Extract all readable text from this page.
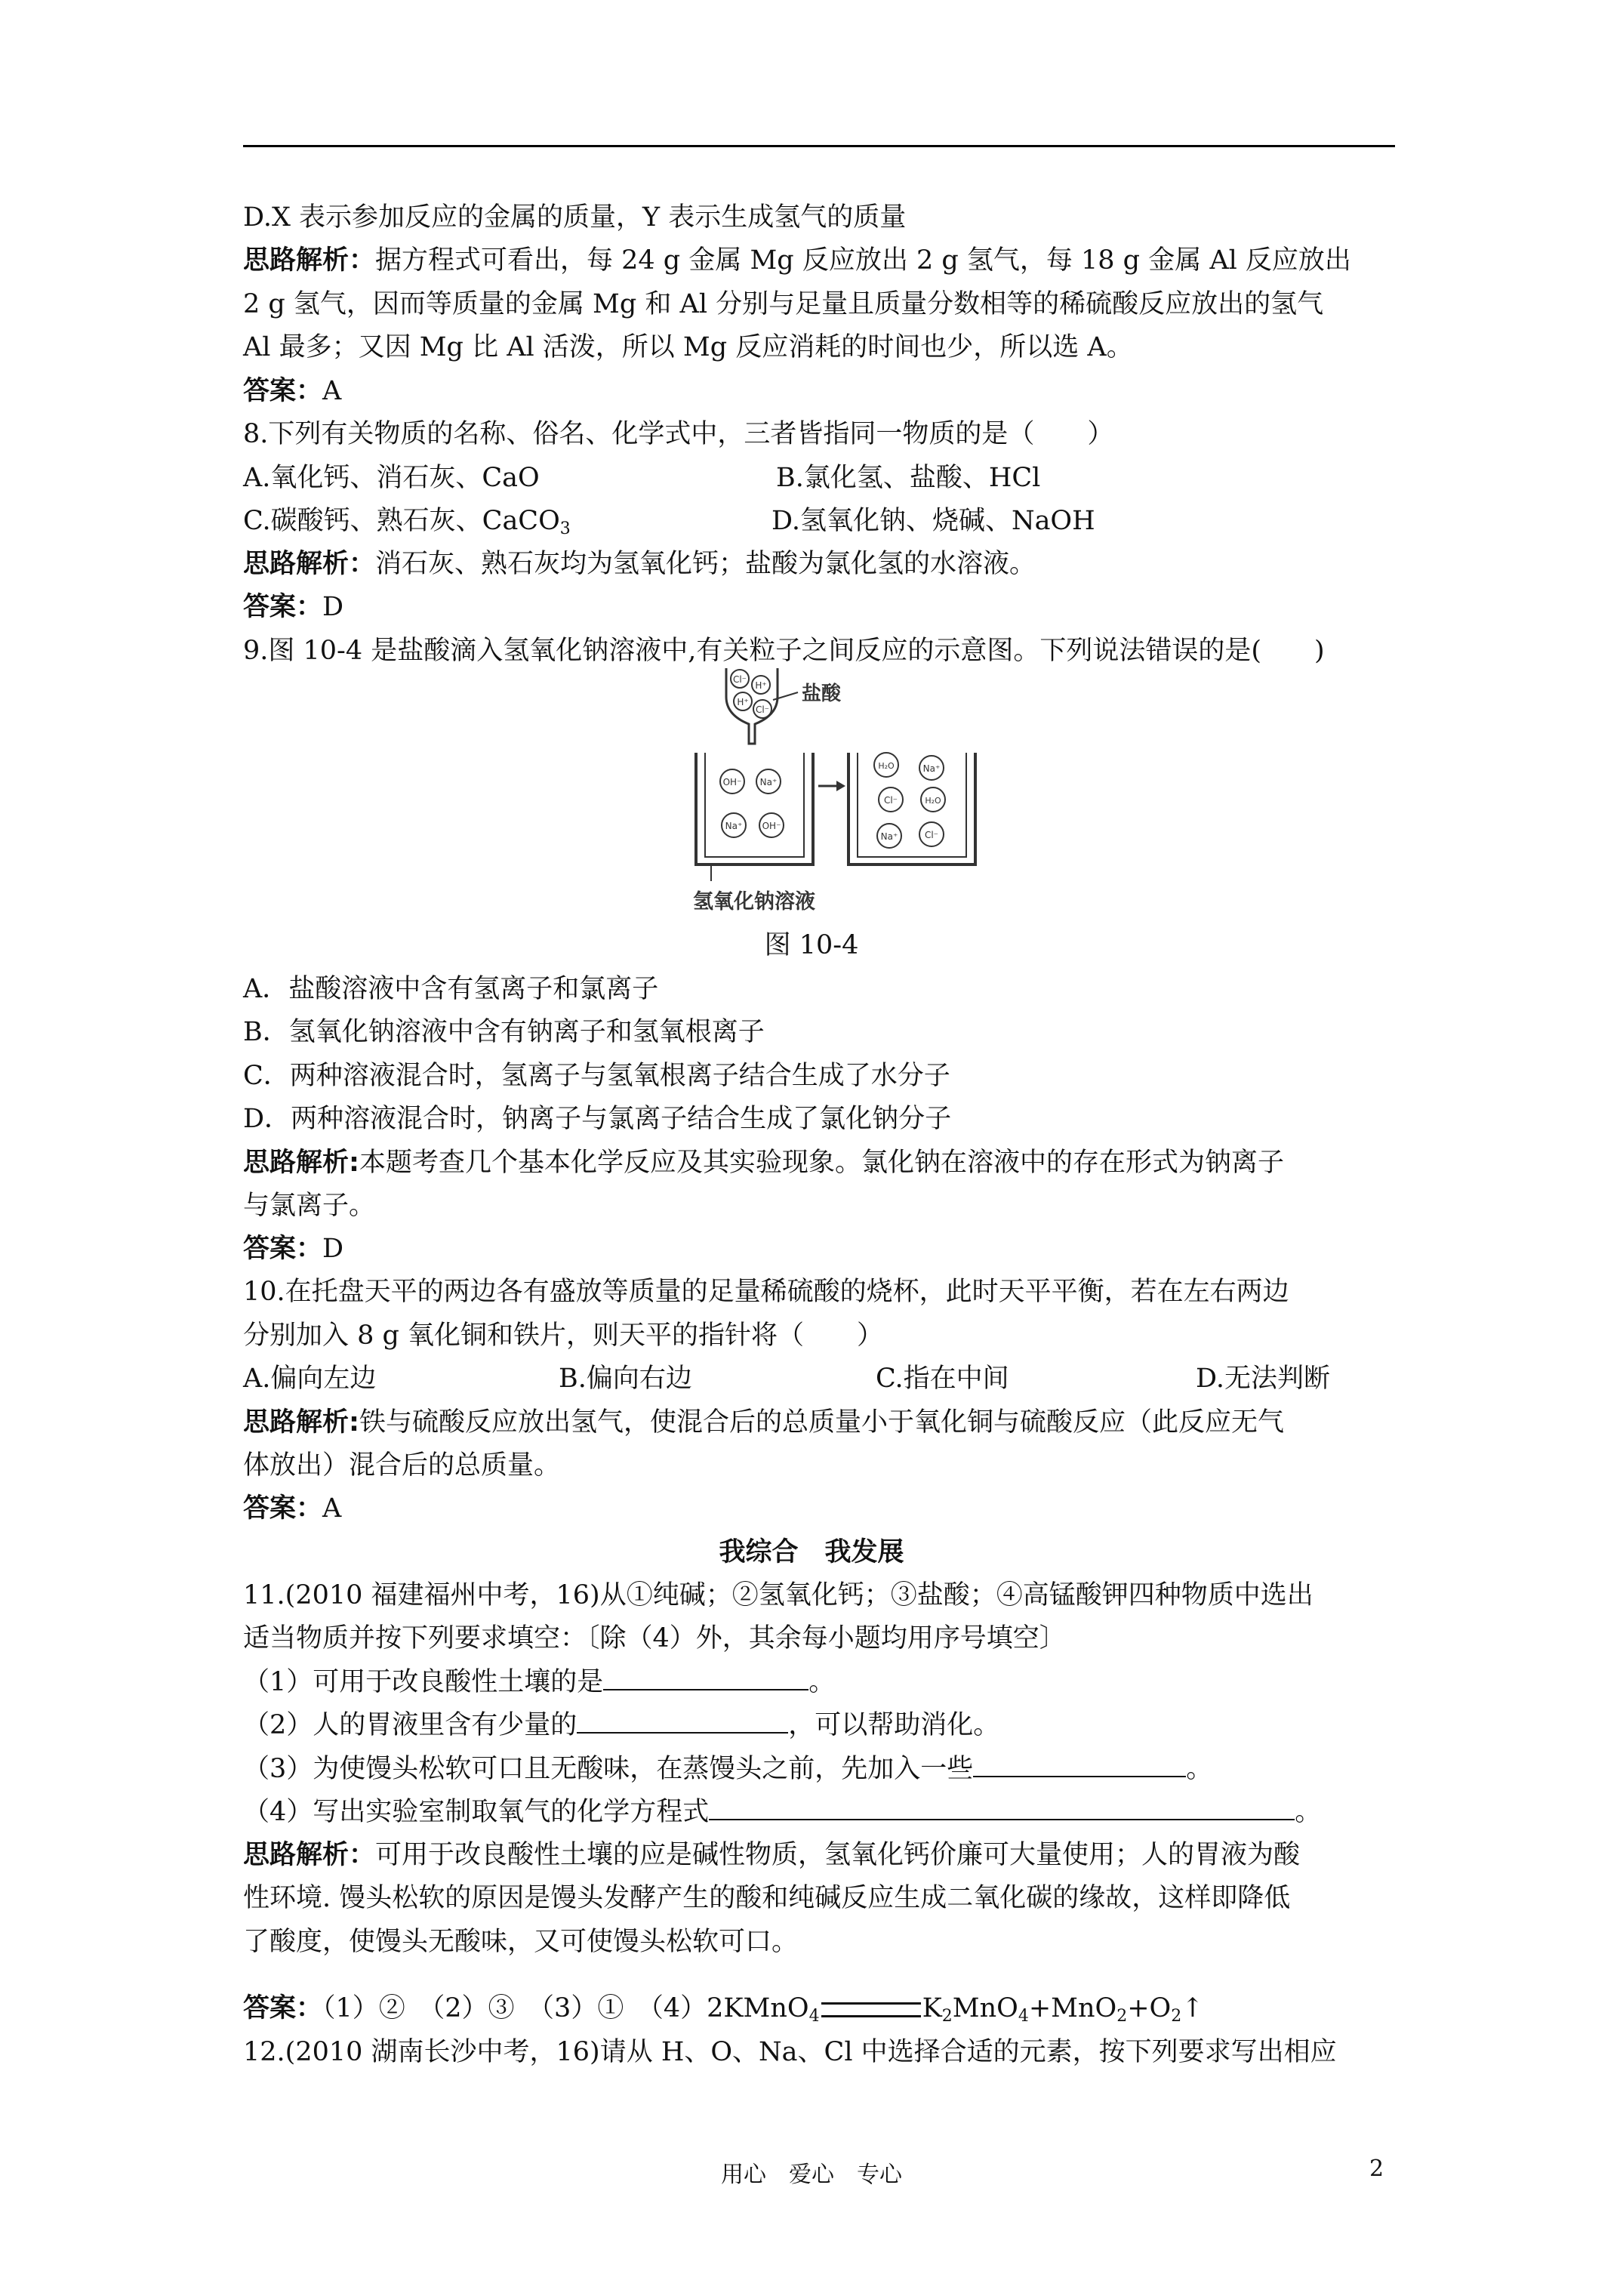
D.X 表示参加反应的金属的质量，Y 表示生成氢气的质量
思路解析：据方程式可看出，每 24 g 金属 Mg 反应放出 2 g 氢气，每 18 g 金属 Al 反应放出
2 g 氢气，因而等质量的金属 Mg 和 Al 分别与足量且质量分数相等的稀硫酸反应放出的氢气
Al 最多；又因 Mg 比 Al 活泼，所以 Mg 反应消耗的时间也少，所以选 A。
答案：A
8.下列有关物质的名称、俗名、化学式中，三者皆指同一物质的是（　　）
A.氧化钙、消石灰、CaO	B.氯化氢、盐酸、HCl
C.碳酸钙、熟石灰、CaCO$_3$	D.氢氧化钠、烧碱、NaOH
思路解析：消石灰、熟石灰均为氢氧化钙；盐酸为氯化氢的水溶液。
答案：D
9.图 10-4 是盐酸滴入氢氧化钠溶液中,有关粒子之间反应的示意图。下列说法错误的是(　　)
Cl⁻
H⁺
H⁺
Cl⁻
盐酸
OH⁻ Na⁺
Na⁺ OH⁻
H₂O	Na⁺
Cl⁻	H₂O
Na⁺	Cl⁻
氢氧化钠溶液
图 10-4
A．盐酸溶液中含有氢离子和氯离子
B．氢氧化钠溶液中含有钠离子和氢氧根离子
C．两种溶液混合时，氢离子与氢氧根离子结合生成了水分子
D．两种溶液混合时，钠离子与氯离子结合生成了氯化钠分子
思路解析:本题考查几个基本化学反应及其实验现象。氯化钠在溶液中的存在形式为钠离子
与氯离子。
答案：D
10.在托盘天平的两边各有盛放等质量的足量稀硫酸的烧杯，此时天平平衡，若在左右两边
分别加入 8 g 氧化铜和铁片，则天平的指针将（　　）
A.偏向左边	B.偏向右边	C.指在中间	D.无法判断
思路解析:铁与硫酸反应放出氢气，使混合后的总质量小于氧化铜与硫酸反应（此反应无气
体放出）混合后的总质量。
答案：A
我综合　我发展
11.(2010 福建福州中考，16)从①纯碱；②氢氧化钙；③盐酸；④高锰酸钾四种物质中选出
适当物质并按下列要求填空：〔除（4）外，其余每小题均用序号填空〕
（1）可用于改良酸性土壤的是	。
（2）人的胃液里含有少量的	，可以帮助消化。
（3）为使馒头松软可口且无酸味，在蒸馒头之前，先加入一些	。
（4）写出实验室制取氧气的化学方程式	。
思路解析：可用于改良酸性土壤的应是碱性物质，氢氧化钙价廉可大量使用；人的胃液为酸
性环境. 馒头松软的原因是馒头发酵产生的酸和纯碱反应生成二氧化碳的缘故，这样即降低
了酸度，使馒头无酸味，又可使馒头松软可口。
答案：（1）②　（2）③　（3）①　（4）2KMnO$_4$	$K_2MnO_4+MnO_2+O_2↑$
12.(2010 湖南长沙中考，16)请从 H、O、Na、Cl 中选择合适的元素，按下列要求写出相应
用心　爱心　专心	2
